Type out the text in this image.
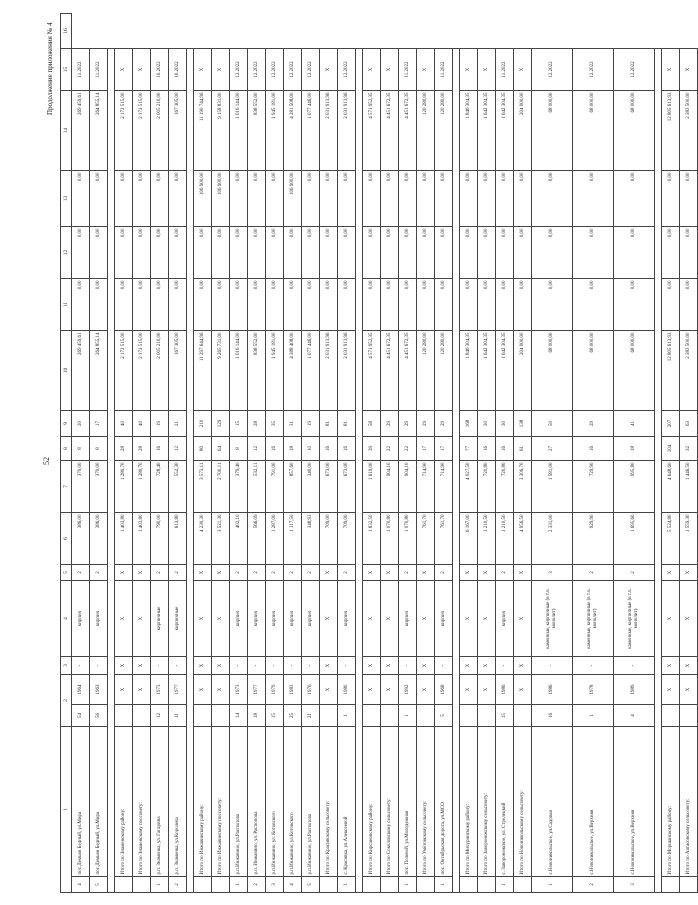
52
Продолжение приложения № 4
1		2		3	4	5	6	7	8	9	10	11	12	13	14	15	16
4	пос.Демьян Бедный, ул.Мира	54	1964	-	кирпич	2	386,00	370,00	8	20	269 459,61	0,00	0,00	0,00	269 459,61	11.2022	
5	пос.Демьян Бедный, ул.Мира	56	1963	-	кирпич	2	386,00	370,00	8	17	264 855,14	0,00	0,00	0,00	264 855,14	11.2022	

	Итого по Знаменскому району:		X	X	X	X	1 403,80	1 280,70	28	40	2 172 515,00	0,00	0,00	0,00	2 172 515,00	X	
	Итого по Знаменскому поссовету:		X	X	X	X	1 403,80	1 280,70	28	40	2 172 515,00	0,00	0,00	0,00	2 172 515,00	X	
1	р.п. Знаменка, ул. Гагарина	12	1973	-	кирпичные	2	790,00	728,40	16	19	2 005 210,00	0,00	0,00	0,00	2 005 210,00	10.2022	
2	р.п. Знаменка, ул.Королева	11	1977	-	кирпичные	2	613,80	552,30	12	21	167 305,00	0,00	0,00	0,00	167 305,00	10.2022	

	Итого по Инжавинскому району:		X	X	X	X	4 230,30	3 573,11	80	210	11 297 644,96	0,00	0,00	106 900,00	11 190 744,96	X	
	Итого по Инжавинскому поссовету:		X	X	X	X	3 521,30	2 700,11	64	129	9 265 731,00	0,00	0,00	106 900,00	9 158 831,00	X	
1	р.п.Инжавино, ул.Распопова	14	1973	-	кирпич	2	402,10	379,40	8	15	1 016 144,00	0,00	0,00	0,00	1 016 144,00	12.2022	
2	р.п. Инжавино, ул. Распопова	18	1977	-	кирпич	2	566,09	532,11	12	28	838 552,00	0,00	0,00	0,00	838 552,00	12.2022	
3	р.п.Инжавино, ул. Котовского	15	1979	-	кирпич	2	1 287,00	791,00	16	35	1 945 181,00	0,00	0,00	0,00	1 945 181,00	12.2022	
4	р.п.Инжавино, ул.Котовского	25	1983	-	кирпич	2	1 117,50	857,60	18	31	4 388 408,00	0,00	0,00	106 900,00	4 281 508,00	12.2022	
5	р.п.Инжавино, ул.Распопова	21	1976	-	кирпич	2	348,93	340,00	10	19	1 077 446,00	0,00	0,00	0,00	1 077 446,00	12.2022	
	Итого по Красивскому сельсовету:		X	X	X	X	709,00	673,00	16	81	2 031 913,96	0,00	0,00	0,00	2 031 913,96	X	
1	с. Красивка, ул.Алексеевой	1	1980	-	кирпич	2	709,00	673,00	16	81	2 031 913,96	0,00	0,00	0,00	2 031 913,96	12.2022	

	Итого по Кирсановскому району:		X	X	X	X	1 832,50	1 619,00	39	58	4 571 952,35	0,00	0,00	0,00	4 571 952,35	X	
	Итого по Соколовскому сельсовету:		X	X	X	X	1 070,80	904,10	22	29	4 451 672,35	0,00	0,00	0,00	4 451 672,35	X	
1	пос. Полевой, ул.Молодежная	1	1992	-	кирпич	2	1 070,80	904,10	22	29	4 451 672,35	0,00	0,00	0,00	4 451 672,35	11.2022	
	Итого по Умётовскому сельсовету:		X	X	X	X	761,70	714,90	17	29	120 280,00	0,00	0,00	0,00	120 280,00	X	
1	пос. Октябрьская дорога, ул.МСО	5	1968	-	кирпич	2	761,70	714,90	17	29	120 280,00	0,00	0,00	0,00	120 280,00	11.2022	

	Итого по Мичуринскому району:		X	X	X	X	6 167,00	4 027,50	77	168	1 846 304,35	0,00	0,00	0,00	1 846 304,35	X	
	Итого по Заворонежскому сельсовету:		X	X	X	X	1 210,50	720,80	16	30	1 642 304,35	0,00	0,00	0,00	1 642 304,35	X	
1	с. Заворонежское, ул. Стрелецкий	15	1986	-	кирпич	2	1 210,50	720,80	16	30	1 642 304,35	0,00	0,00	0,00	1 642 304,35	11.2022	
	Итого по Новоникольскому сельсовету:		X	X	X	X	4 956,50	3 306,70	61	138	204 000,00	0,00	0,00	0,00	204 000,00	X	
1	с.Новоникольское, ул.Садовая	16	1986	-	каменные, кирпичные (в т.ч. монолит)	3	2 331,00	1 581,00	27	50	68 000,00	0,00	0,00	0,00	68 000,00	12.2022	
2	с.Новоникольское, ул.Верхняя	1	1978	-	каменные, кирпичные (в т.ч. монолит)	2	929,90	729,90	16	29	68 000,00	0,00	0,00	0,00	68 000,00	12.2022	
3	с.Новоникольское, ул.Верхняя	4	1989	-	каменные, кирпичные (в т.ч. монолит)	2	1 695,60	995,80	18	41	68 000,00	0,00	0,00	0,00	68 000,00	12.2022	

	Итого по Моршанскому району:		X	X	X	X	5 524,80	4 648,60	104	207	12 805 613,93	0,00	0,00	0,00	12 805 613,93	X	
	Итого по Алгасовскому сельсовету:		X	X	X	X	1 559,30	1 446,50	32	63	2 383 500,00	0,00	0,00	0,00	2 383 500,00	X	
